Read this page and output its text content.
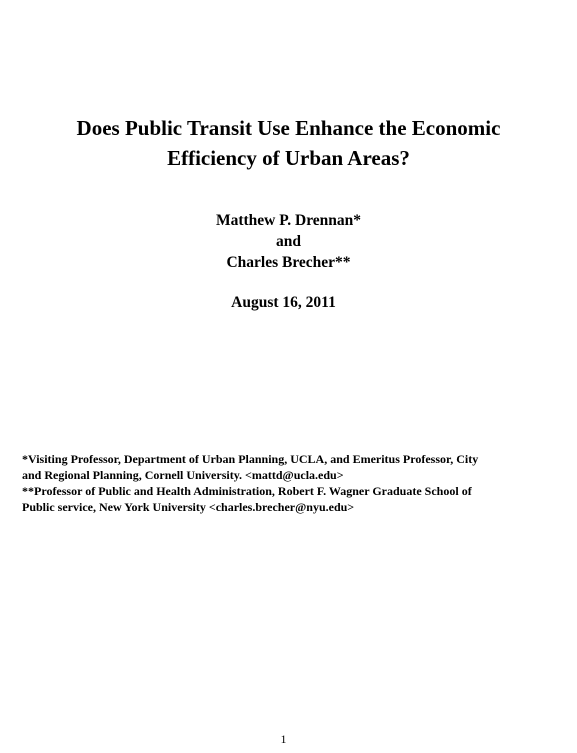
Does Public Transit Use Enhance the Economic
Efficiency of Urban Areas?
Matthew P. Drennan*
and
Charles Brecher**
August 16, 2011

*Visiting Professor, Department of Urban Planning, UCLA, and Emeritus Professor, City

and Regional Planning, Cornell University. <mattd@ucla.edu>

**Professor of Public and Health Administration, Robert F. Wagner Graduate School of

Public service, New York University <charles.brecher@nyu.edu>

1
